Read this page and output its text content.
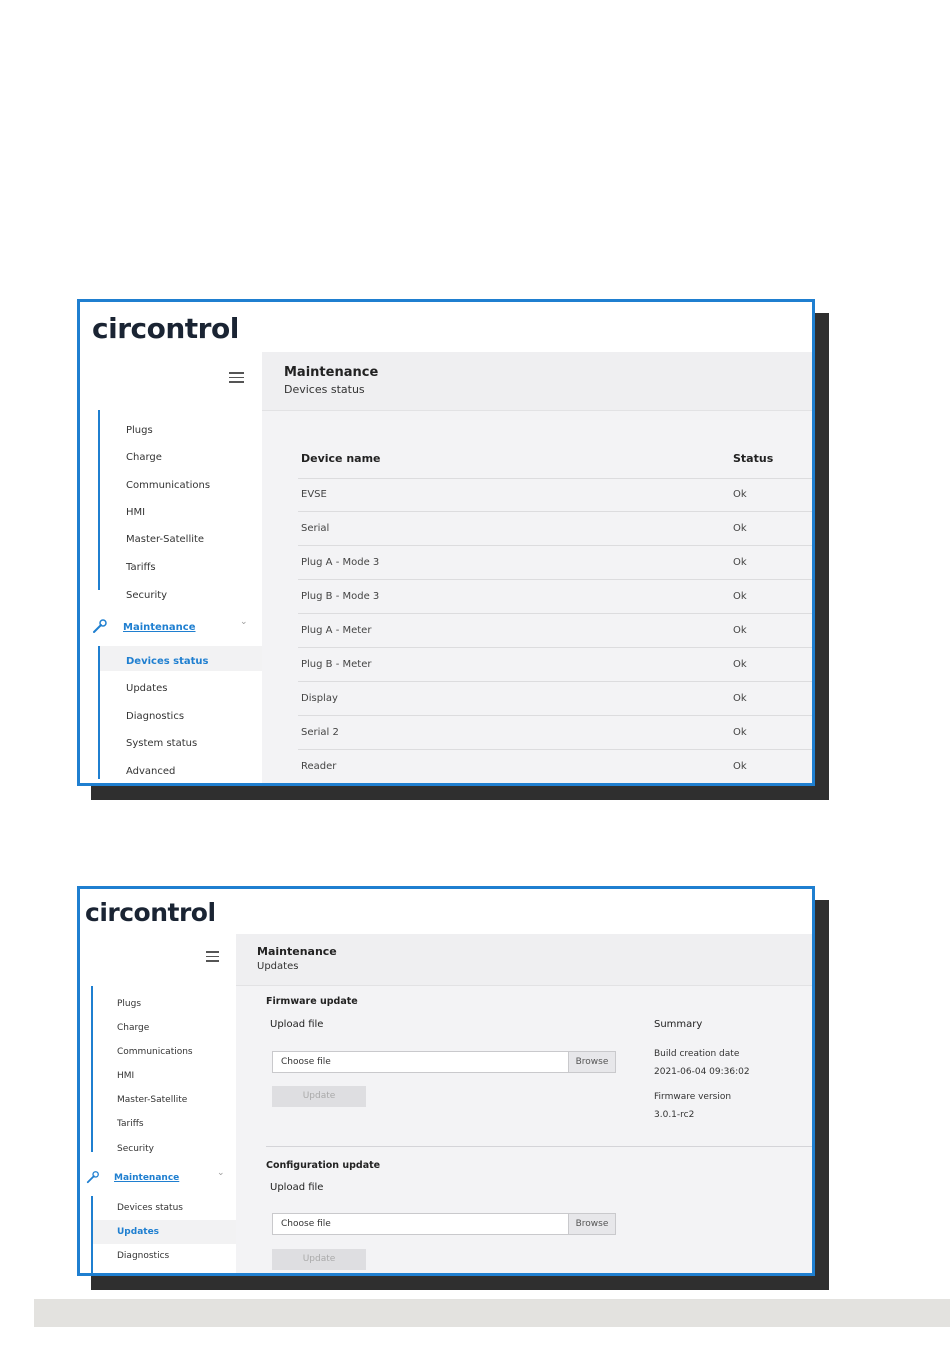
circontrol
Plugs
Charge
Communications
HMI
Master-Satellite
Tariffs
Security
Maintenance	⌄
Devices status
Updates
Diagnostics
System status
Advanced
Maintenance
Devices status
Device name	Status
EVSE	Ok
Serial	Ok
Plug A - Mode 3	Ok
Plug B - Mode 3	Ok
Plug A - Meter	Ok
Plug B - Meter	Ok
Display	Ok
Serial 2	Ok
Reader	Ok
circontrol
Plugs
Charge
Communications
HMI
Master-Satellite
Tariffs
Security
Maintenance	⌄
Devices status
Updates
Diagnostics
Maintenance
Updates
Firmware update
Upload file
Choose file	Browse
Update
Summary
Build creation date
2021-06-04 09:36:02
Firmware version
3.0.1-rc2
Configuration update
Upload file
Choose file	Browse
Update
